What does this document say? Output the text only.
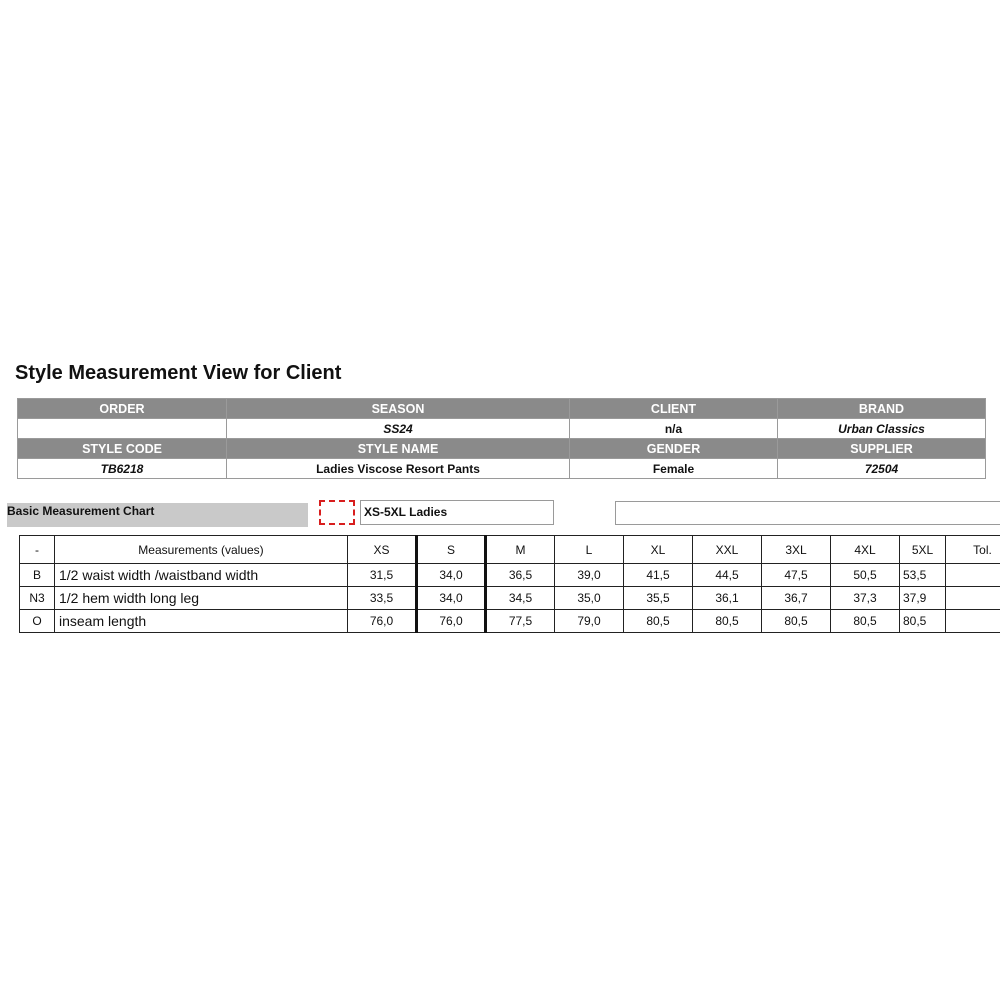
Style Measurement View for Client
ORDER	SEASON	CLIENT	BRAND
	SS24	n/a	Urban Classics
STYLE CODE	STYLE NAME	GENDER	SUPPLIER
TB6218	Ladies Viscose Resort Pants	Female	72504
Basic Measurement Chart	XS-5XL Ladies
-	Measurements (values)	XS	S	M	L	XL	XXL	3XL	4XL	5XL	Tol.
B	1/2 waist width /waistband width	31,5	34,0	36,5	39,0	41,5	44,5	47,5	50,5	53,5	
N3	1/2 hem width long leg	33,5	34,0	34,5	35,0	35,5	36,1	36,7	37,3	37,9	
O	inseam length	76,0	76,0	77,5	79,0	80,5	80,5	80,5	80,5	80,5	
